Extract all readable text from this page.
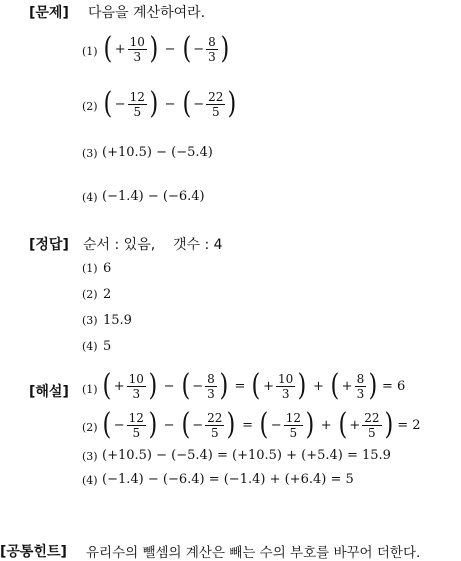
[문제] 다음을 계산하여라.
(1) ( + $\frac{10}{3}$ ) − ( − $\frac{8}{3}$ )
(2) ( − $\frac{12}{5}$ ) − ( − $\frac{22}{5}$ )
(3) (+10.5) − (−5.4)
(4) (−1.4) − (−6.4)
[정답] 순서 : 있음,    갯수 : 4
(1) 6
(2) 2
(3) 15.9
(4) 5
[해설] (1) ( + $\frac{10}{3}$ ) − ( − $\frac{8}{3}$ ) = ( + $\frac{10}{3}$ ) + ( + $\frac{8}{3}$ ) = 6
(2) ( − $\frac{12}{5}$ ) − ( − $\frac{22}{5}$ ) = ( − $\frac{12}{5}$ ) + ( + $\frac{22}{5}$ ) = 2
(3) (+10.5) − (−5.4) = (+10.5) + (+5.4) = 15.9
(4) (−1.4) − (−6.4) = (−1.4) + (+6.4) = 5
[공통힌트] 유리수의 뺄셈의 계산은 빼는 수의 부호를 바꾸어 더한다.
